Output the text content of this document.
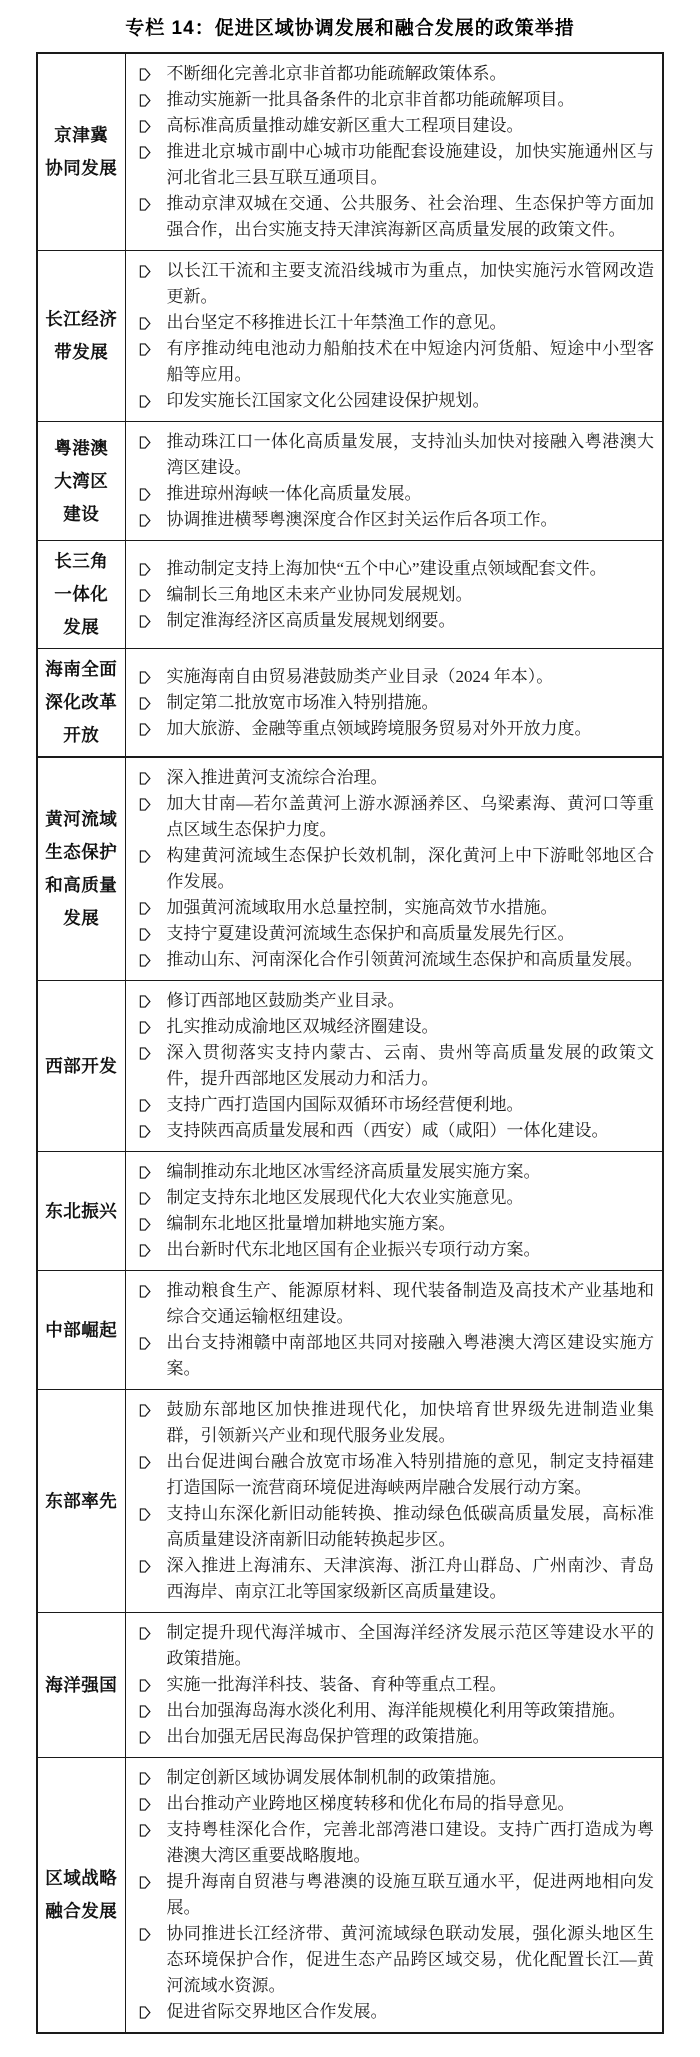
专栏 14：促进区域协调发展和融合发展的政策举措
京津冀
协同发展

不断细化完善北京非首都功能疏解政策体系。
推动实施新一批具备条件的北京非首都功能疏解项目。
高标准高质量推动雄安新区重大工程项目建设。
推进北京城市副中心城市功能配套设施建设，加快实施通州区与河北省北三县互联互通项目。
推动京津双城在交通、公共服务、社会治理、生态保护等方面加强合作，出台实施支持天津滨海新区高质量发展的政策文件。

长江经济
带发展

以长江干流和主要支流沿线城市为重点，加快实施污水管网改造更新。
出台坚定不移推进长江十年禁渔工作的意见。
有序推动纯电池动力船舶技术在中短途内河货船、短途中小型客船等应用。
印发实施长江国家文化公园建设保护规划。

粤港澳
大湾区
建设

推动珠江口一体化高质量发展，支持汕头加快对接融入粤港澳大湾区建设。
推进琼州海峡一体化高质量发展。
协调推进横琴粤澳深度合作区封关运作后各项工作。

长三角
一体化
发展

推动制定支持上海加快“五个中心”建设重点领域配套文件。
编制长三角地区未来产业协同发展规划。
制定淮海经济区高质量发展规划纲要。

海南全面
深化改革
开放

实施海南自由贸易港鼓励类产业目录（2024 年本）。
制定第二批放宽市场准入特别措施。
加大旅游、金融等重点领域跨境服务贸易对外开放力度。

黄河流域
生态保护
和高质量
发展

深入推进黄河支流综合治理。
加大甘南—若尔盖黄河上游水源涵养区、乌梁素海、黄河口等重点区域生态保护力度。
构建黄河流域生态保护长效机制，深化黄河上中下游毗邻地区合作发展。
加强黄河流域取用水总量控制，实施高效节水措施。
支持宁夏建设黄河流域生态保护和高质量发展先行区。
推动山东、河南深化合作引领黄河流域生态保护和高质量发展。

西部开发	修订西部地区鼓励类产业目录。
扎实推动成渝地区双城经济圈建设。
深入贯彻落实支持内蒙古、云南、贵州等高质量发展的政策文件，提升西部地区发展动力和活力。
支持广西打造国内国际双循环市场经营便利地。
支持陕西高质量发展和西（西安）咸（咸阳）一体化建设。

东北振兴	编制推动东北地区冰雪经济高质量发展实施方案。
制定支持东北地区发展现代化大农业实施意见。
编制东北地区批量增加耕地实施方案。
出台新时代东北地区国有企业振兴专项行动方案。

中部崛起	推动粮食生产、能源原材料、现代装备制造及高技术产业基地和综合交通运输枢纽建设。
出台支持湘赣中南部地区共同对接融入粤港澳大湾区建设实施方案。

东部率先	鼓励东部地区加快推进现代化，加快培育世界级先进制造业集群，引领新兴产业和现代服务业发展。
出台促进闽台融合放宽市场准入特别措施的意见，制定支持福建打造国际一流营商环境促进海峡两岸融合发展行动方案。
支持山东深化新旧动能转换、推动绿色低碳高质量发展，高标准高质量建设济南新旧动能转换起步区。
深入推进上海浦东、天津滨海、浙江舟山群岛、广州南沙、青岛西海岸、南京江北等国家级新区高质量建设。

海洋强国	制定提升现代海洋城市、全国海洋经济发展示范区等建设水平的政策措施。
实施一批海洋科技、装备、育种等重点工程。
出台加强海岛海水淡化利用、海洋能规模化利用等政策措施。
出台加强无居民海岛保护管理的政策措施。

区域战略
融合发展

制定创新区域协调发展体制机制的政策措施。
出台推动产业跨地区梯度转移和优化布局的指导意见。
支持粤桂深化合作，完善北部湾港口建设。支持广西打造成为粤港澳大湾区重要战略腹地。
提升海南自贸港与粤港澳的设施互联互通水平，促进两地相向发展。
协同推进长江经济带、黄河流域绿色联动发展，强化源头地区生态环境保护合作，促进生态产品跨区域交易，优化配置长江—黄河流域水资源。
促进省际交界地区合作发展。
